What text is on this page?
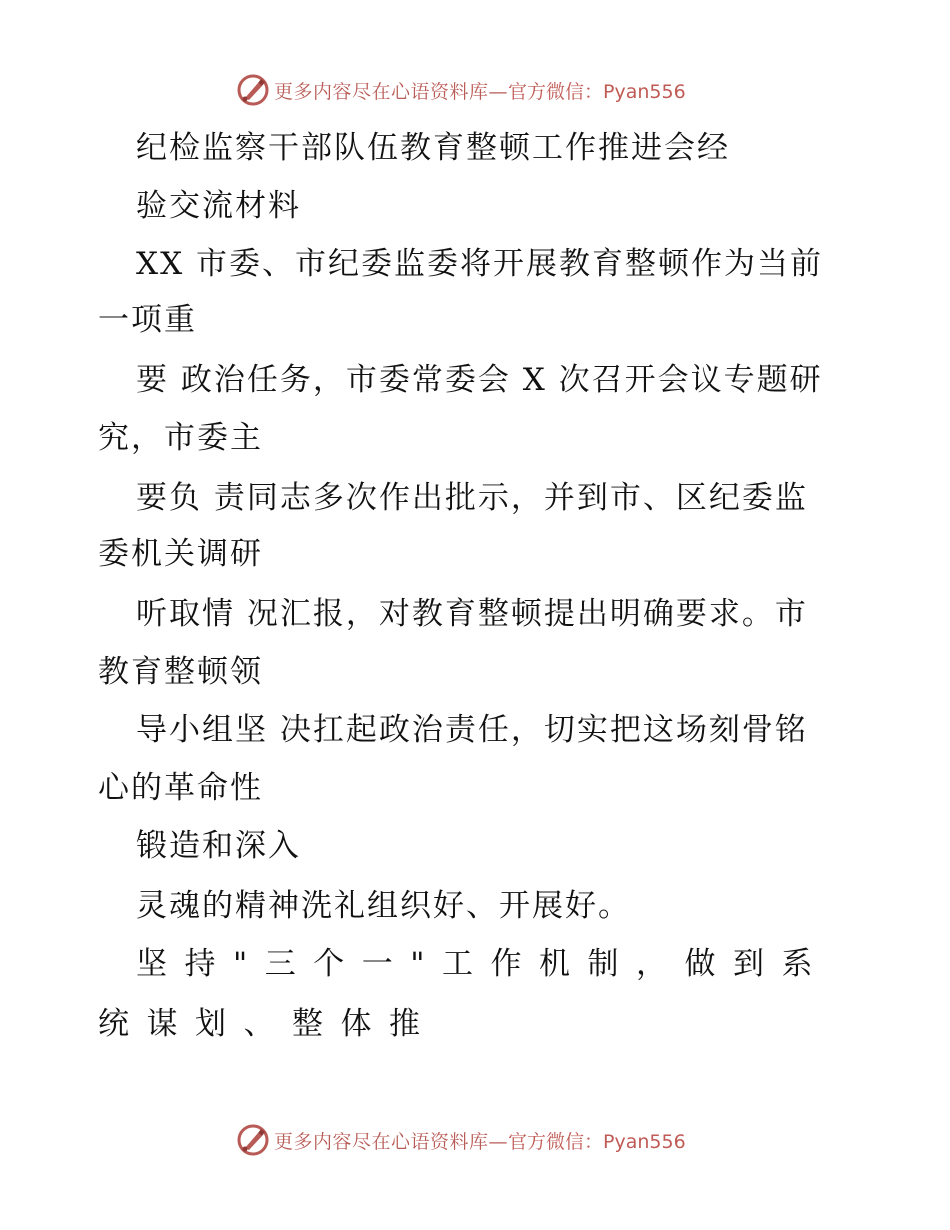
更多内容尽在心语资料库— 官方微信：Pyan556
纪检监察干部队伍教育整顿工作推进会经
验交流材料
XX 市委、市纪委监委将开展教育整顿作为当前
一项重
要 政治任务，市委常委会 X 次召开会议专题研
究，市委主
要负 责同志多次作出批示，并到市、区纪委监
委机关调研
听取情 况汇报，对教育整顿提出明确要求。市
教育整顿领
导小组坚 决扛起政治责任，切实把这场刻骨铭
心的革命性
锻造和深入
灵魂的精神洗礼组织好、开展好。
坚持"三个一"工作机制，做到系
统谋划、整体推
更多内容尽在心语资料库— 官方微信：Pyan556
